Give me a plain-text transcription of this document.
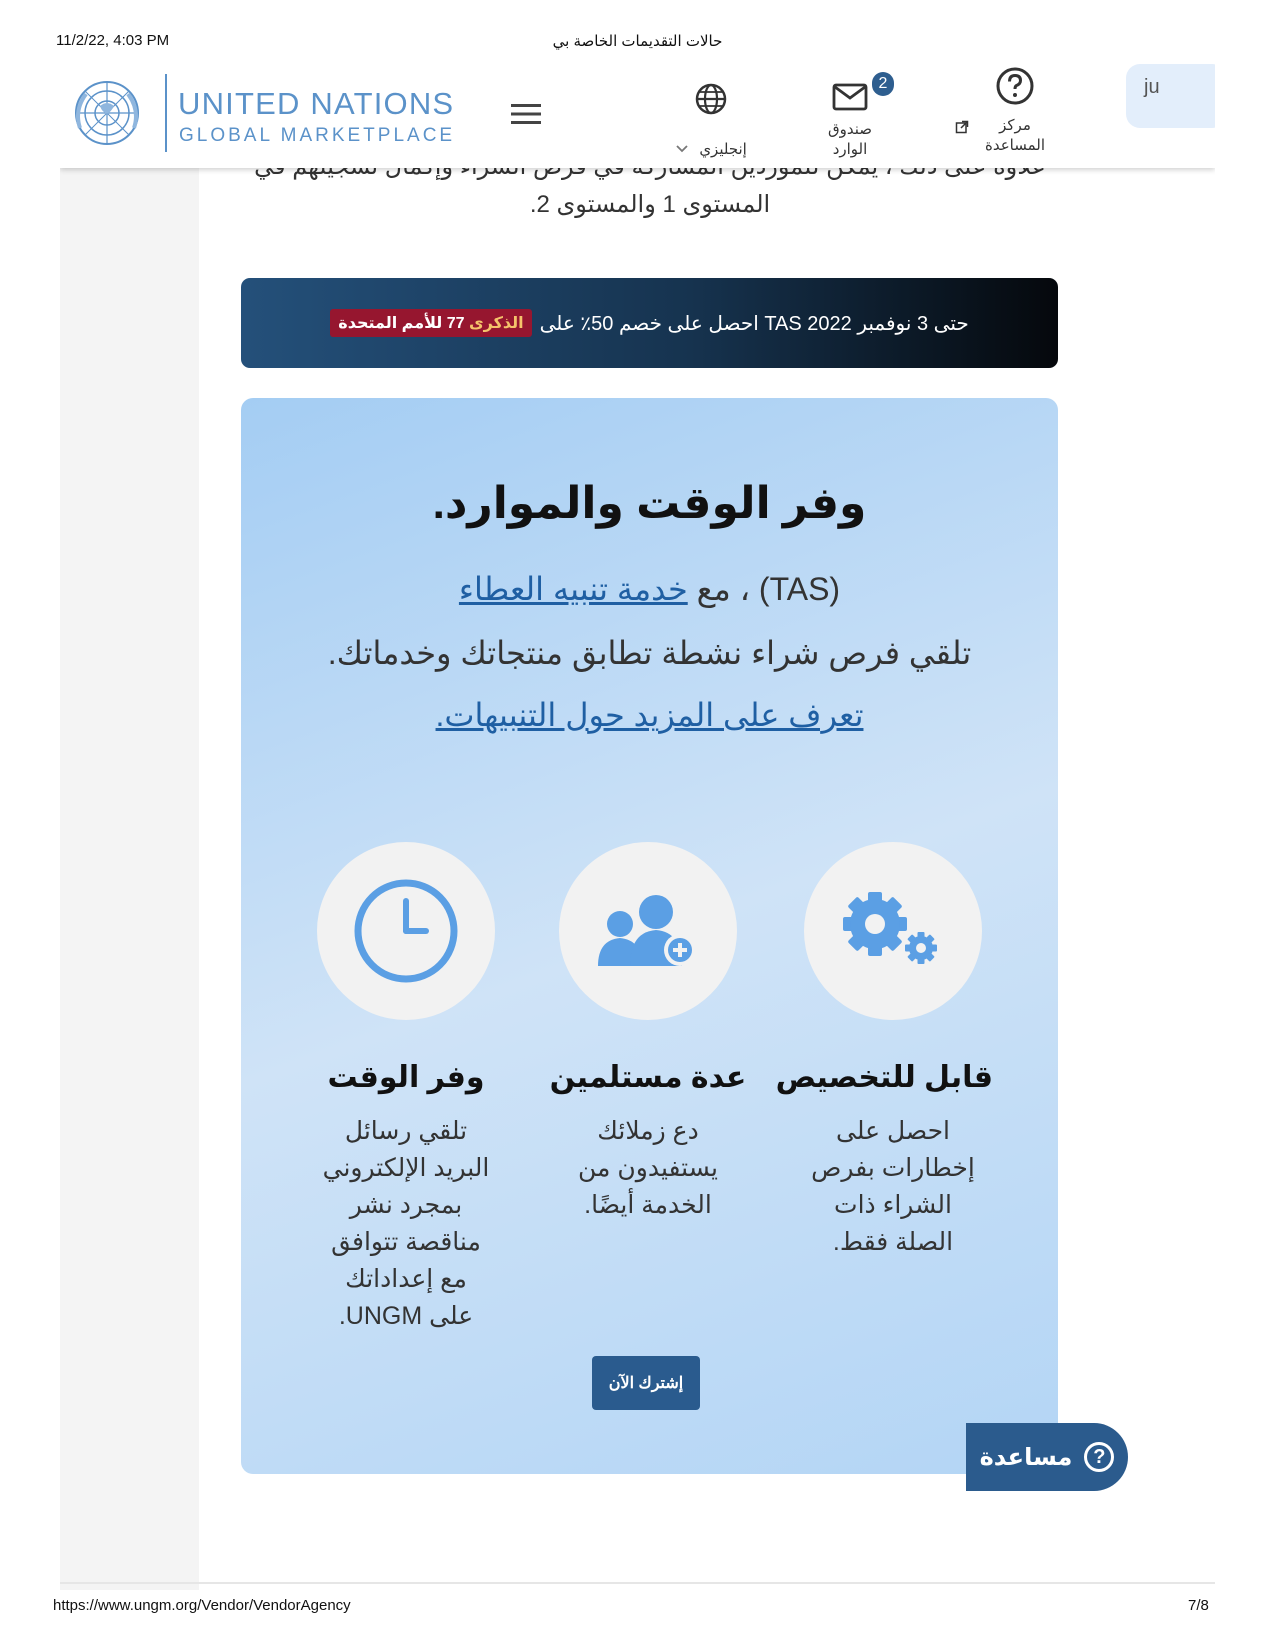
11/2/22, 4:03 PM	حالات التقديمات الخاصة بي
المستوى 1 والمستوى 2.
UNITED NATIONS
GLOBAL MARKETPLACE
إنجليزي
2
صندوق الوارد
مركز المساعدة
ju
حتى 3 نوفمبر TAS 2022 احصل على خصم 50٪ على
الذكرى 77 للأمم المتحدة
وفر الوقت والموارد.
(TAS) ، مع خدمة تنبيه العطاء
تلقي فرص شراء نشطة تطابق منتجاتك وخدماتك.
تعرف على المزيد حول التنبيهات.
قابل للتخصيص
احصل على إخطارات بفرص الشراء ذات الصلة فقط.
عدة مستلمين
دع زملائك يستفيدون من الخدمة أيضًا.
وفر الوقت
تلقي رسائل البريد الإلكتروني بمجرد نشر مناقصة تتوافق مع إعداداتك على UNGM.
إشترك الآن
?
مساعدة
https://www.ungm.org/Vendor/VendorAgency	7/8
